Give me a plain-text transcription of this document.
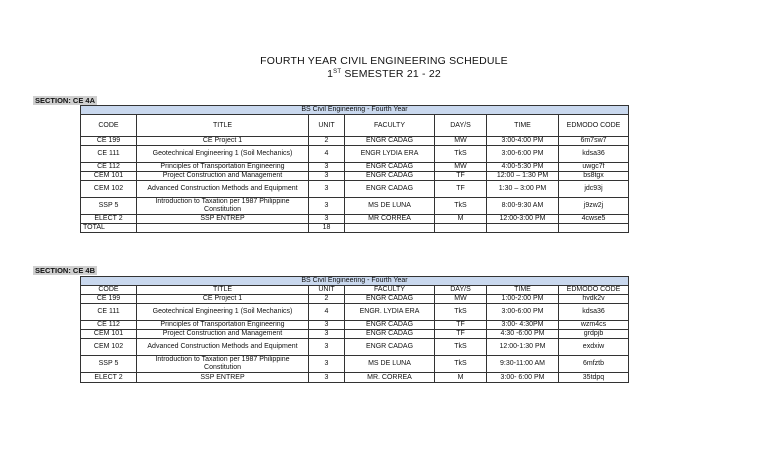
FOURTH YEAR CIVIL ENGINEERING SCHEDULE
1ST SEMESTER 21 - 22
SECTION: CE 4A
BS Civil Engineering - Fourth Year						
CODE	TITLE	UNIT	FACULTY	DAY/S	TIME	EDMODO CODE
CE 199	CE Project 1	2	ENGR CADAG	MW	3:00-4:00 PM	6m7sw7
CE 111	Geotechnical Engineering 1 (Soil Mechanics)	4	ENGR LYDIA ERA	TkS	3:00-6:00 PM	kdsa36
CE 112	Principles of Transportation Engineering	3	ENGR CADAG	MW	4:00-5:30 PM	uwgc7f
CEM 101	Project Construction and Management	3	ENGR CADAG	TF	12:00 – 1:30 PM	bs8tgx
CEM 102	Advanced Construction Methods and Equipment	3	ENGR CADAG	TF	1:30 – 3:00 PM	jdc93j
SSP 5	Introduction to Taxation per 1987 Philippine Constitution	3	MS DE LUNA	TkS	8:00-9:30 AM	j9zw2j
ELECT 2	SSP ENTREP	3	MR CORREA	M	12:00-3:00 PM	4cwse5
TOTAL		18				
SECTION: CE 4B
BS Civil Engineering - Fourth Year						
CODE	TITLE	UNIT	FACULTY	DAY/S	TIME	EDMODO CODE
CE 199	CE Project 1	2	ENGR CADAG	MW	1:00-2:00 PM	hvdk2v
CE 111	Geotechnical Engineering 1 (Soil Mechanics)	4	ENGR. LYDIA ERA	TkS	3:00-6:00 PM	kdsa36
CE 112	Principles of Transportation Engineering	3	ENGR CADAG	TF	3:00- 4:30PM	wzm4cs
CEM 101	Project Construction and Management	3	ENGR CADAG	TF	4:30 -6:00 PM	grdpjb
CEM 102	Advanced Construction Methods and Equipment	3	ENGR CADAG	TkS	12:00-1:30 PM	exdxiw
SSP 5	Introduction to Taxation per 1987 Philippine Constitution	3	MS DE LUNA	TkS	9:30-11:00 AM	6mfztb
ELECT 2	SSP ENTREP	3	MR. CORREA	M	3:00- 6:00 PM	35tdpq
